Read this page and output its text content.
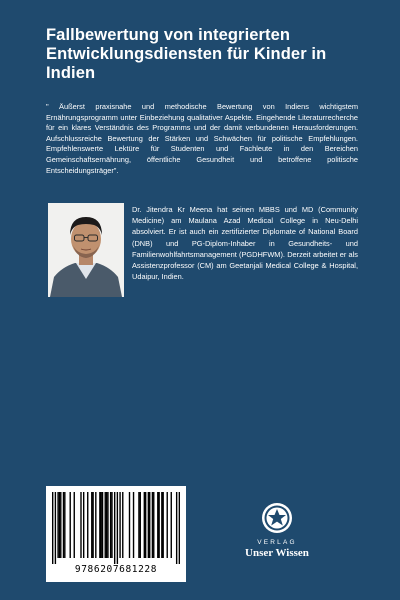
Fallbewertung von integrierten Entwicklungsdiensten für Kinder in Indien
" Äußerst praxisnahe und methodische Bewertung von Indiens wichtigstem Ernährungsprogramm unter Einbeziehung qualitativer Aspekte. Eingehende Literaturrecherche für ein klares Verständnis des Programms und der damit verbundenen Herausforderungen. Aufschlussreiche Bewertung der Stärken und Schwächen für politische Empfehlungen. Empfehlenswerte Lektüre für Studenten und Fachleute in den Bereichen Gemeinschaftsernährung, öffentliche Gesundheit und betroffene politische Entscheidungsträger".
Dr. Jitendra Kr Meena hat seinen MBBS und MD (Community Medicine) am Maulana Azad Medical College in Neu-Delhi absolviert. Er ist auch ein zertifizierter Diplomate of National Board (DNB) und PG-Diplom-Inhaber in Gesundheits- und Familienwohlfahrtsmanagement (PGDHFWM). Derzeit arbeitet er als Assistenzprofessor (CM) am Geetanjali Medical College & Hospital, Udaipur, Indien.
9786207681228
VERLAG
Unser Wissen
